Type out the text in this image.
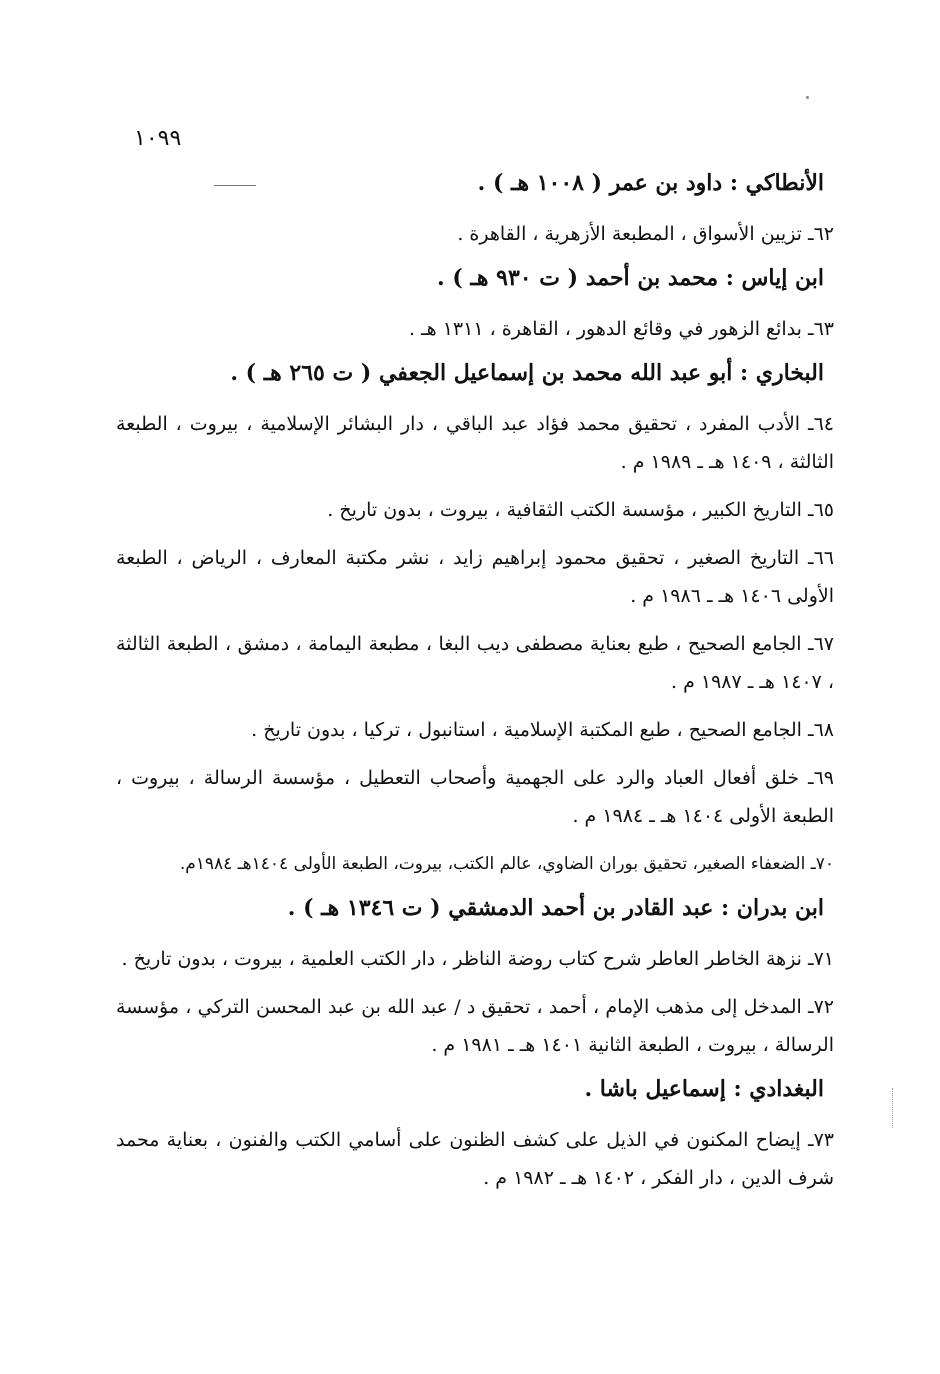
١٠٩٩
الأنطاكي : داود بن عمر ( ١٠٠٨ هـ ) .
٦٢ـ تزيين الأسواق ، المطبعة الأزهرية ، القاهرة .
ابن إياس : محمد بن أحمد ( ت ٩٣٠ هـ ) .
٦٣ـ بدائع الزهور في وقائع الدهور ، القاهرة ، ١٣١١ هـ .
البخاري : أبو عبد الله محمد بن إسماعيل الجعفي ( ت ٢٦٥ هـ ) .
٦٤ـ الأدب المفرد ، تحقيق محمد فؤاد عبد الباقي ، دار البشائر الإسلامية ، بيروت ، الطبعة الثالثة ، ١٤٠٩ هـ ـ ١٩٨٩ م .
٦٥ـ التاريخ الكبير ، مؤسسة الكتب الثقافية ، بيروت ، بدون تاريخ .
٦٦ـ التاريخ الصغير ، تحقيق محمود إبراهيم زايد ، نشر مكتبة المعارف ، الرياض ، الطبعة الأولى ١٤٠٦ هـ ـ ١٩٨٦ م .
٦٧ـ الجامع الصحيح ، طبع بعناية مصطفى ديب البغا ، مطبعة اليمامة ، دمشق ، الطبعة الثالثة ، ١٤٠٧ هـ ـ ١٩٨٧ م .
٦٨ـ الجامع الصحيح ، طبع المكتبة الإسلامية ، استانبول ، تركيا ، بدون تاريخ .
٦٩ـ خلق أفعال العباد والرد على الجهمية وأصحاب التعطيل ، مؤسسة الرسالة ، بيروت ، الطبعة الأولى ١٤٠٤ هـ ـ ١٩٨٤ م .
٧٠ـ الضعفاء الصغير، تحقيق بوران الضاوي، عالم الكتب، بيروت، الطبعة الأولى ١٤٠٤هـ ١٩٨٤م.
ابن بدران : عبد القادر بن أحمد الدمشقي ( ت ١٣٤٦ هـ ) .
٧١ـ نزهة الخاطر العاطر شرح كتاب روضة الناظر ، دار الكتب العلمية ، بيروت ، بدون تاريخ .
٧٢ـ المدخل إلى مذهب الإمام ، أحمد ، تحقيق د / عبد الله بن عبد المحسن التركي ، مؤسسة الرسالة ، بيروت ، الطبعة الثانية ١٤٠١ هـ ـ ١٩٨١ م .
البغدادي : إسماعيل باشا .
٧٣ـ إيضاح المكنون في الذيل على كشف الظنون على أسامي الكتب والفنون ، بعناية محمد شرف الدين ، دار الفكر ، ١٤٠٢ هـ ـ ١٩٨٢ م .
